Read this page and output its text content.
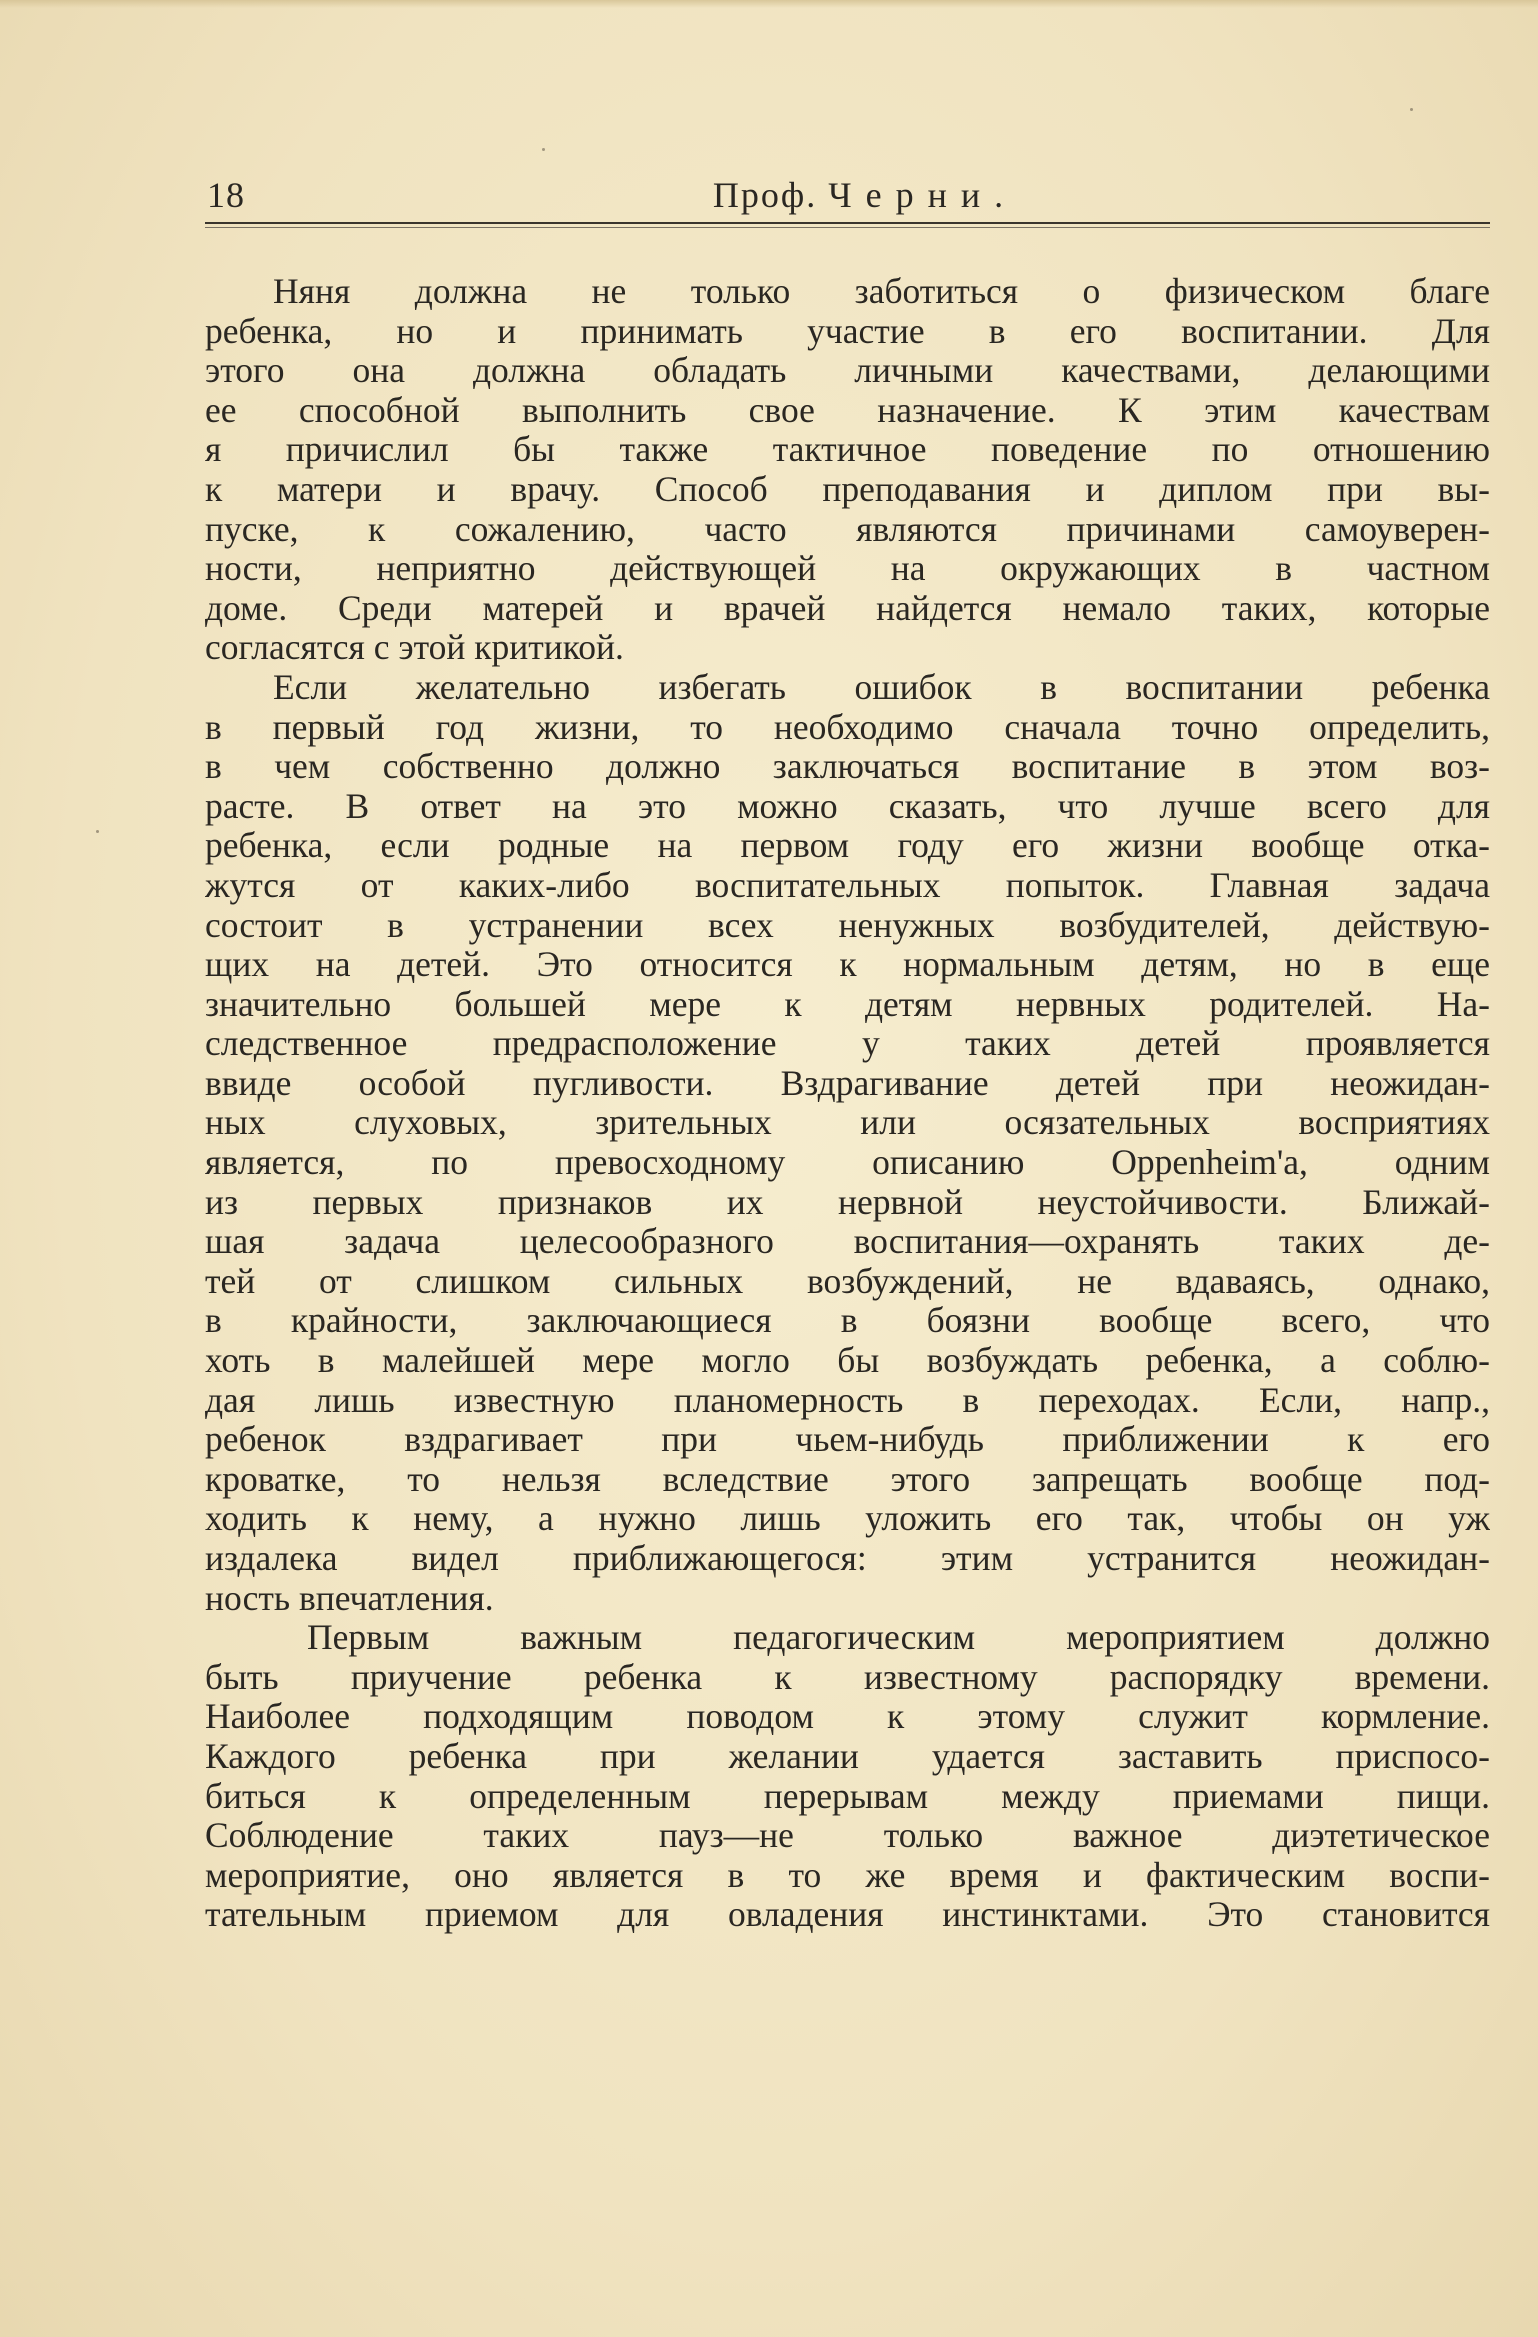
18	Проф. Черни.
Няня должна не только заботиться о физическом благе
ребенка, но и принимать участие в его воспитании. Для
этого она должна обладать личными качествами, делающими
ее способной выполнить свое назначение. К этим качествам
я причислил бы также тактичное поведение по отношению
к матери и врачу. Способ преподавания и диплом при вы-
пуске, к сожалению, часто являются причинами самоуверен-
ности, неприятно действующей на окружающих в частном
доме. Среди матерей и врачей найдется немало таких, которые
согласятся с этой критикой.
Если желательно избегать ошибок в воспитании ребенка
в первый год жизни, то необходимо сначала точно определить,
в чем собственно должно заключаться воспитание в этом воз-
расте. В ответ на это можно сказать, что лучше всего для
ребенка, если родные на первом году его жизни вообще отка-
жутся от каких-либо воспитательных попыток. Главная задача
состоит в устранении всех ненужных возбудителей, действую-
щих на детей. Это относится к нормальным детям, но в еще
значительно большей мере к детям нервных родителей. На-
следственное предрасположение у таких детей проявляется
ввиде особой пугливости. Вздрагивание детей при неожидан-
ных слуховых, зрительных или осязательных восприятиях
является, по превосходному описанию Oppenheim'а, одним
из первых признаков их нервной неустойчивости. Ближай-
шая задача целесообразного воспитания—охранять таких де-
тей от слишком сильных возбуждений, не вдаваясь, однако,
в крайности, заключающиеся в боязни вообще всего, что
хоть в малейшей мере могло бы возбуждать ребенка, а соблю-
дая лишь известную планомерность в переходах. Если, напр.,
ребенок вздрагивает при чьем-нибудь приближении к его
кроватке, то нельзя вследствие этого запрещать вообще под-
ходить к нему, а нужно лишь уложить его так, чтобы он уж
издалека видел приближающегося: этим устранится неожидан-
ность впечатления.
Первым важным педагогическим мероприятием должно
быть приучение ребенка к известному распорядку времени.
Наиболее подходящим поводом к этому служит кормление.
Каждого ребенка при желании удается заставить приспосо-
биться к определенным перерывам между приемами пищи.
Соблюдение таких пауз—не только важное диэтетическое
мероприятие, оно является в то же время и фактическим воспи-
тательным приемом для овладения инстинктами. Это становится
